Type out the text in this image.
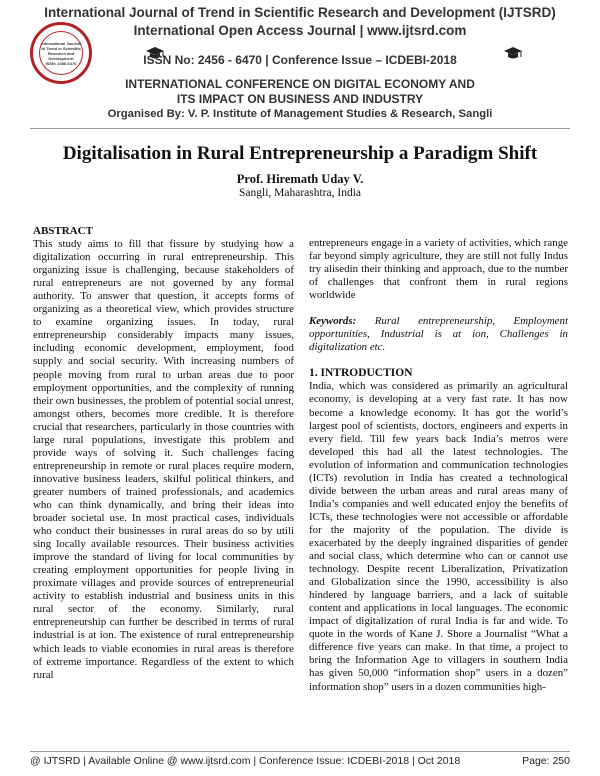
International Journal
of Trend in Scientific
Research and
Development
ISSN: 2456-6470
International Journal of Trend in Scientific Research and Development (IJTSRD)
International Open Access Journal | www.ijtsrd.com
ISSN No: 2456 - 6470 | Conference Issue – ICDEBI-2018
INTERNATIONAL CONFERENCE ON DIGITAL ECONOMY AND
ITS IMPACT ON BUSINESS AND INDUSTRY
Organised By: V. P. Institute of Management Studies & Research, Sangli
Digitalisation in Rural Entrepreneurship a Paradigm Shift
Prof. Hiremath Uday V.
Sangli, Maharashtra, India

ABSTRACT

This study aims to fill that fissure by studying how a digitalization occurring in rural entrepreneurship. This organizing issue is challenging, because stakeholders of rural entrepreneurs are not governed by any formal authority. To answer that question, it accepts forms of organizing as a theoretical view, which provides structure to examine organizing issues. In today, rural entrepreneurship considerably impacts many issues, including economic development, employment, food supply and social security. With increasing numbers of people moving from rural to urban areas due to poor employment opportunities, and the complexity of running their own businesses, the problem of potential social unrest, amongst others, becomes more credible. It is therefore crucial that researchers, particularly in those countries with large rural populations, investigate this problem and provide ways of solving it. Such challenges facing entrepreneurship in remote or rural places require modern, innovative business leaders, skilful political thinkers, and greater numbers of trained professionals, and academics who can think dynamically, and bring their ideas into broader societal use. In most practical cases, individuals who conduct their businesses in rural areas do so by utili sing locally available resources. Their business activities improve the standard of living for local communities by creating employment opportunities for people living in proximate villages and provide sources of entrepreneurial activity to establish industrial and business units in this rural sector of the economy. Similarly, rural entrepreneurship can further be described in terms of rural industrial is at ion. The existence of rural entrepreneurship which leads to viable economies in rural areas is therefore of extreme importance. Regardless of the extent to which rural

entrepreneurs engage in a variety of activities, which range far beyond simply agriculture, they are still not fully Indus try alisedin their thinking and approach, due to the number of challenges that confront them in rural regions worldwide

Keywords: Rural entrepreneurship, Employment opportunities, Industrial is at ion, Challenges in digitalization etc.

1. INTRODUCTION

India, which was considered as primarily an agricultural economy, is developing at a very fast rate. It has now become a knowledge economy. It has got the world’s largest pool of scientists, doctors, engineers and experts in every field. Till few years back India’s metros were developed this had all the latest technologies. The evolution of information and communication technologies (ICTs) revolution in India has created a technological divide between the urban areas and rural areas many of India’s companies and well educated enjoy the benefits of ICTs, these technologies were not accessible or affordable for the majority of the population. The divide is exacerbated by the deeply ingrained disparities of gender and social class, which determine who can or cannot use technology. Despite recent Liberalization, Privatization and Globalization since the 1990, accessibility is also hindered by language barriers, and a lack of suitable content and applications in local languages. The economic impact of digitalization of rural India is far and wide. To quote in the words of Kane J. Shore a Journalist “What a difference five years can make. In that time, a project to bring the Information Age to villagers in southern India has given 50,000 “information shop” users in a dozen” information shop” users in a dozen communities high-

@ IJTSRD | Available Online @ www.ijtsrd.com | Conference Issue: ICDEBI-2018 | Oct 2018	Page: 250
